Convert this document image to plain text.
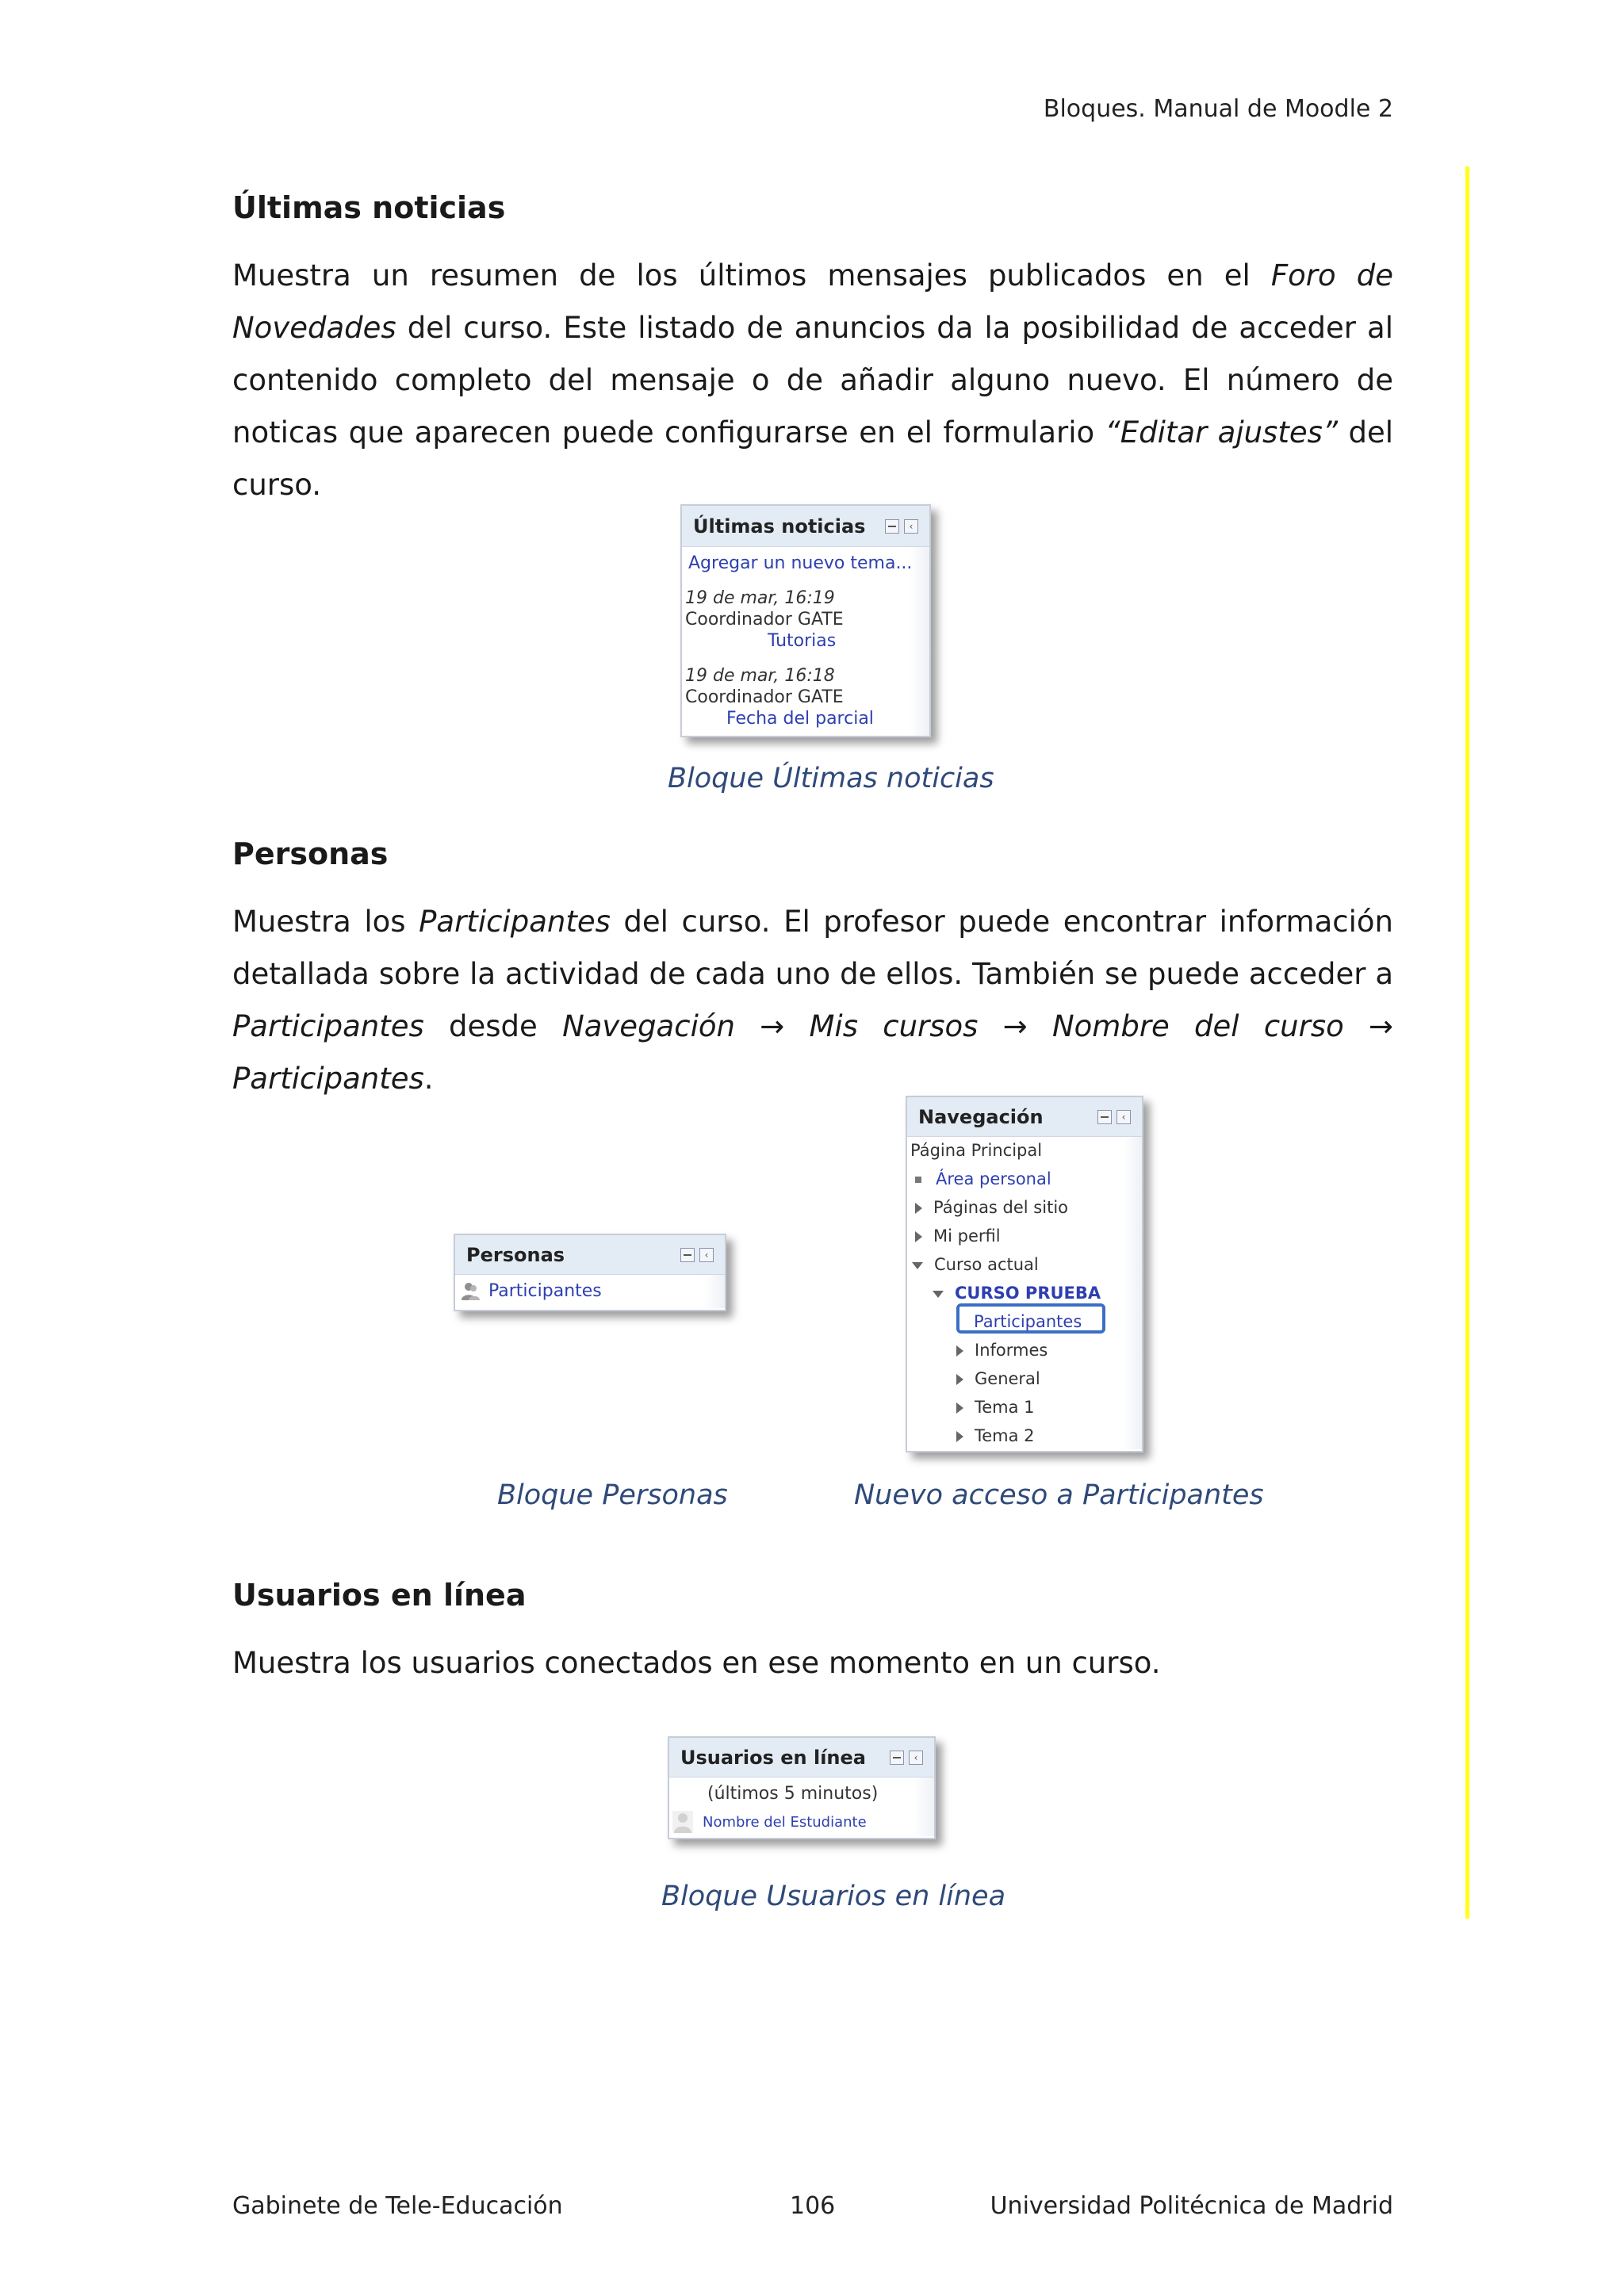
Bloques. Manual de Moodle 2
Últimas noticias
Muestra un resumen de los últimos mensajes publicados en el Foro de Novedades del curso. Este listado de anuncios da la posibilidad de acceder al contenido completo del mensaje o de añadir alguno nuevo. El número de noticas que aparecen puede configurarse en el formulario “Editar ajustes” del curso.
Últimas noticias	‹
Agregar un nuevo tema...
19 de mar, 16:19
Coordinador GATE
Tutorias
19 de mar, 16:18
Coordinador GATE
Fecha del parcial
Bloque Últimas noticias
Personas
Muestra los Participantes del curso. El profesor puede encontrar información detallada sobre la actividad de cada uno de ellos. También se puede acceder a Participantes desde Navegación → Mis cursos → Nombre del curso → Participantes.
Personas	‹
Participantes
Bloque Personas
Navegación	‹
Página Principal
Área personal
Páginas del sitio
Mi perfil
Curso actual
CURSO PRUEBA
Participantes
Informes
General
Tema 1
Tema 2
Nuevo acceso a Participantes
Usuarios en línea
Muestra los usuarios conectados en ese momento en un curso.
Usuarios en línea	‹
(últimos 5 minutos)
Nombre del Estudiante
Bloque Usuarios en línea
Gabinete de Tele-Educación	106	Universidad Politécnica de Madrid
